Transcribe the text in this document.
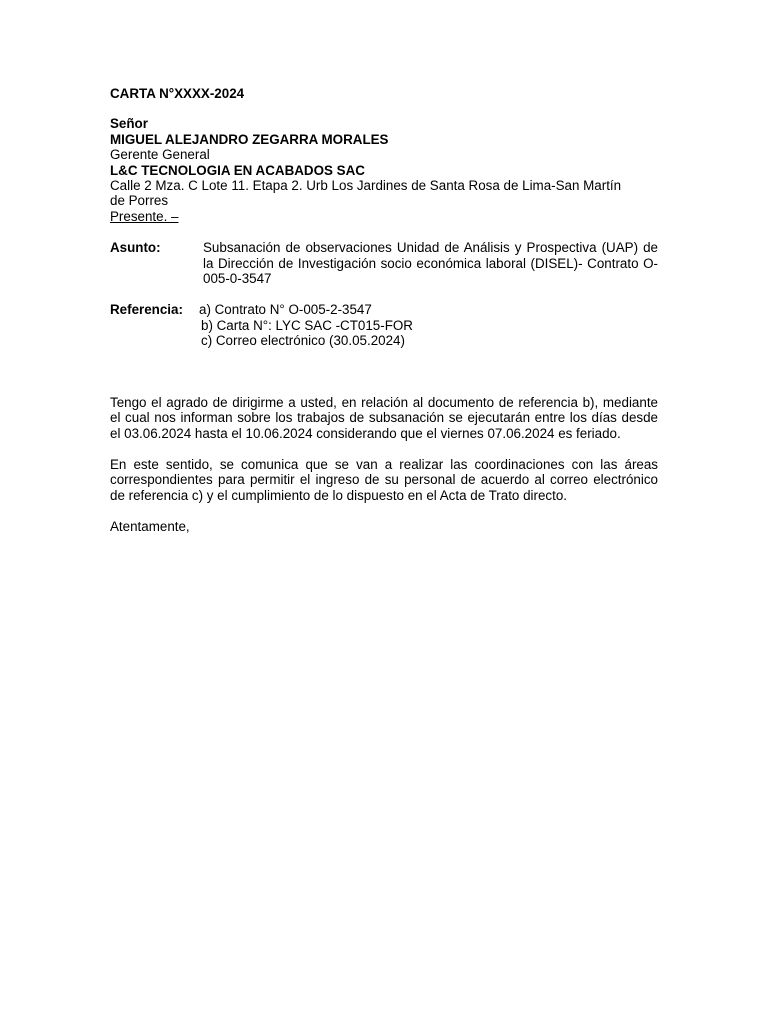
CARTA N°XXXX-2024
Señor
MIGUEL ALEJANDRO ZEGARRA MORALES
Gerente General
L&C TECNOLOGIA EN ACABADOS SAC
Calle 2 Mza. C Lote 11. Etapa 2. Urb Los Jardines de Santa Rosa de Lima-San Martín
de Porres
Presente. –
Asunto:	Subsanación de observaciones Unidad de Análisis y Prospectiva (UAP) de la Dirección de Investigación socio económica laboral (DISEL)- Contrato O-005-0-3547
Referencia:	a) Contrato N° O-005-2-3547
b) Carta N°: LYC SAC -CT015-FOR
c) Correo electrónico (30.05.2024)
Tengo el agrado de dirigirme a usted, en relación al documento de referencia b), mediante el cual nos informan sobre los trabajos de subsanación se ejecutarán entre los días desde el 03.06.2024 hasta el 10.06.2024 considerando que el viernes 07.06.2024 es feriado.
En este sentido, se comunica que se van a realizar las coordinaciones con las áreas correspondientes para permitir el ingreso de su personal de acuerdo al correo electrónico de referencia c) y el cumplimiento de lo dispuesto en el Acta de Trato directo.
Atentamente,
